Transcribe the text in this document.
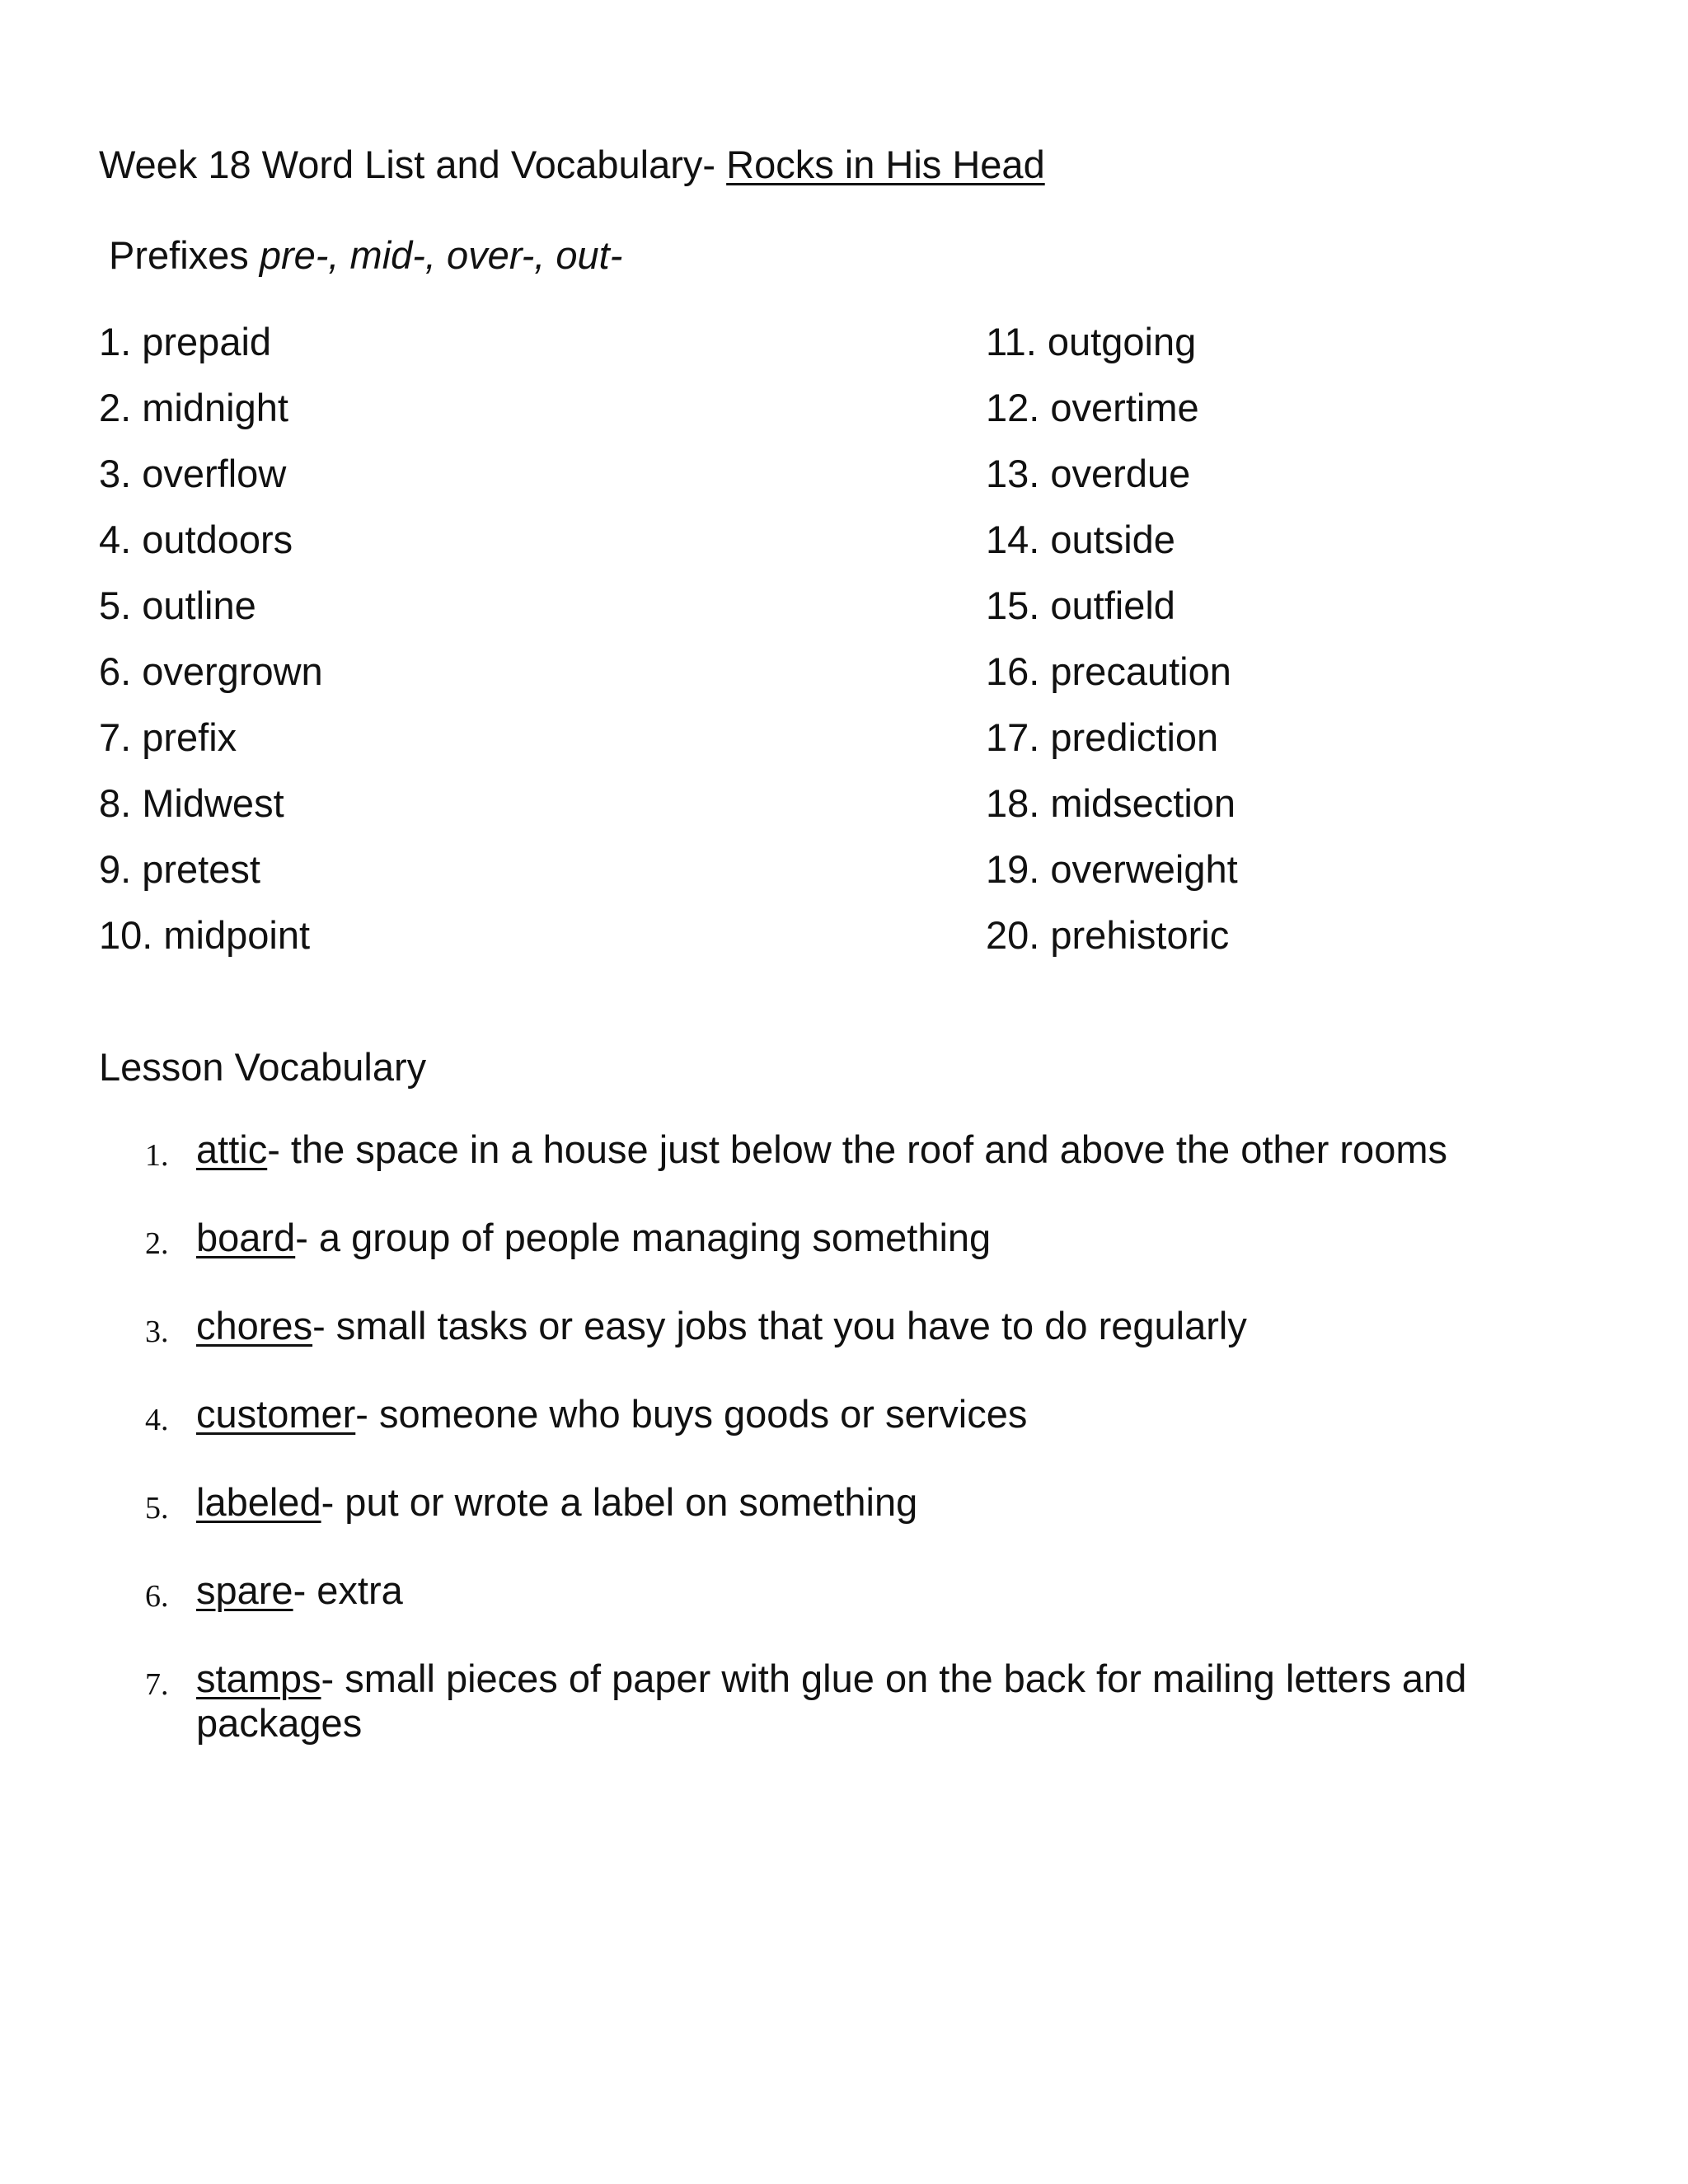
Week 18 Word List and Vocabulary- Rocks in His Head
Prefixes pre-, mid-, over-, out-
1. prepaid
2. midnight
3. overflow
4. outdoors
5. outline
6. overgrown
7. prefix
8. Midwest
9. pretest
10. midpoint
11. outgoing
12. overtime
13. overdue
14. outside
15. outfield
16. precaution
17. prediction
18. midsection
19. overweight
20. prehistoric
Lesson Vocabulary
1. attic- the space in a house just below the roof and above the other rooms
2. board- a group of people managing something
3. chores- small tasks or easy jobs that you have to do regularly
4. customer- someone who buys goods or services
5. labeled- put or wrote a label on something
6. spare- extra
7. stamps- small pieces of paper with glue on the back for mailing letters and packages
